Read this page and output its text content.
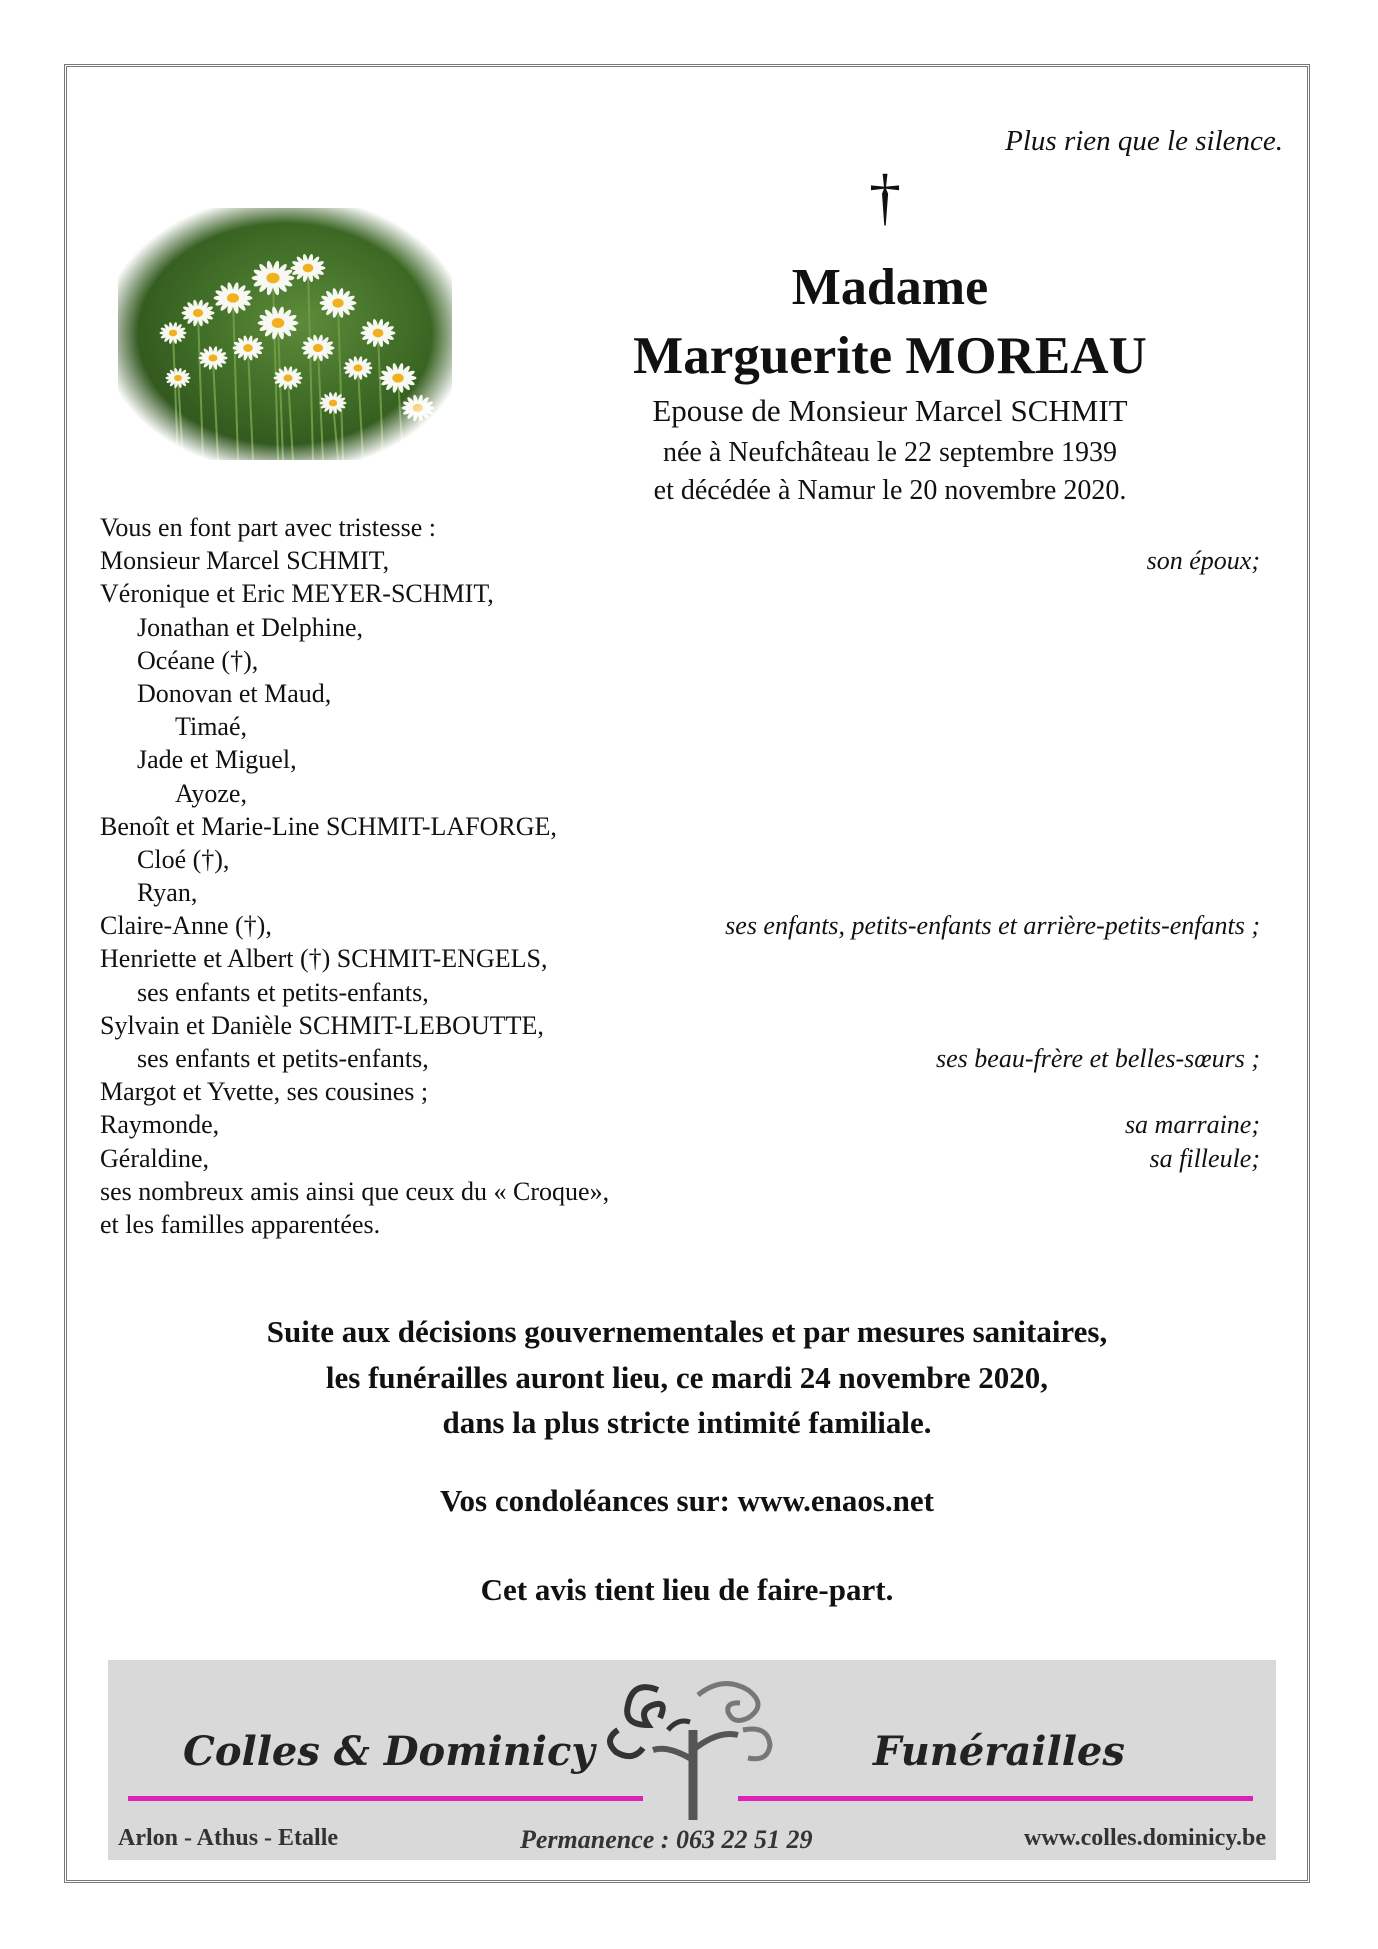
Plus rien que le silence.
†
Madame
Marguerite MOREAU
Epouse de Monsieur Marcel SCHMIT
née à Neufchâteau le 22 septembre 1939
et décédée à Namur le 20 novembre 2020.
Vous en font part avec tristesse :
Monsieur Marcel SCHMIT,	son époux;
Véronique et Eric MEYER-SCHMIT,
Jonathan et Delphine,
Océane (†),
Donovan et Maud,
Timaé,
Jade et Miguel,
Ayoze,
Benoît et Marie-Line SCHMIT-LAFORGE,
Cloé (†),
Ryan,
Claire-Anne (†),	ses enfants, petits-enfants et arrière-petits-enfants ;
Henriette et Albert (†) SCHMIT-ENGELS,
ses enfants et petits-enfants,
Sylvain et Danièle SCHMIT-LEBOUTTE,
ses enfants et petits-enfants,	ses beau-frère et belles-sœurs ;
Margot et Yvette, ses cousines ;
Raymonde,	sa marraine;
Géraldine,	sa filleule;
ses nombreux amis ainsi que ceux du « Croque»,
et les familles apparentées.
Suite aux décisions gouvernementales et par mesures sanitaires,
les funérailles auront lieu, ce mardi 24 novembre 2020,
dans la plus stricte intimité familiale.
Vos condoléances sur: www.enaos.net
Cet avis tient lieu de faire-part.
Colles & Dominicy	Funérailles
Arlon - Athus - Etalle	Permanence : 063 22 51 29	www.colles.dominicy.be
